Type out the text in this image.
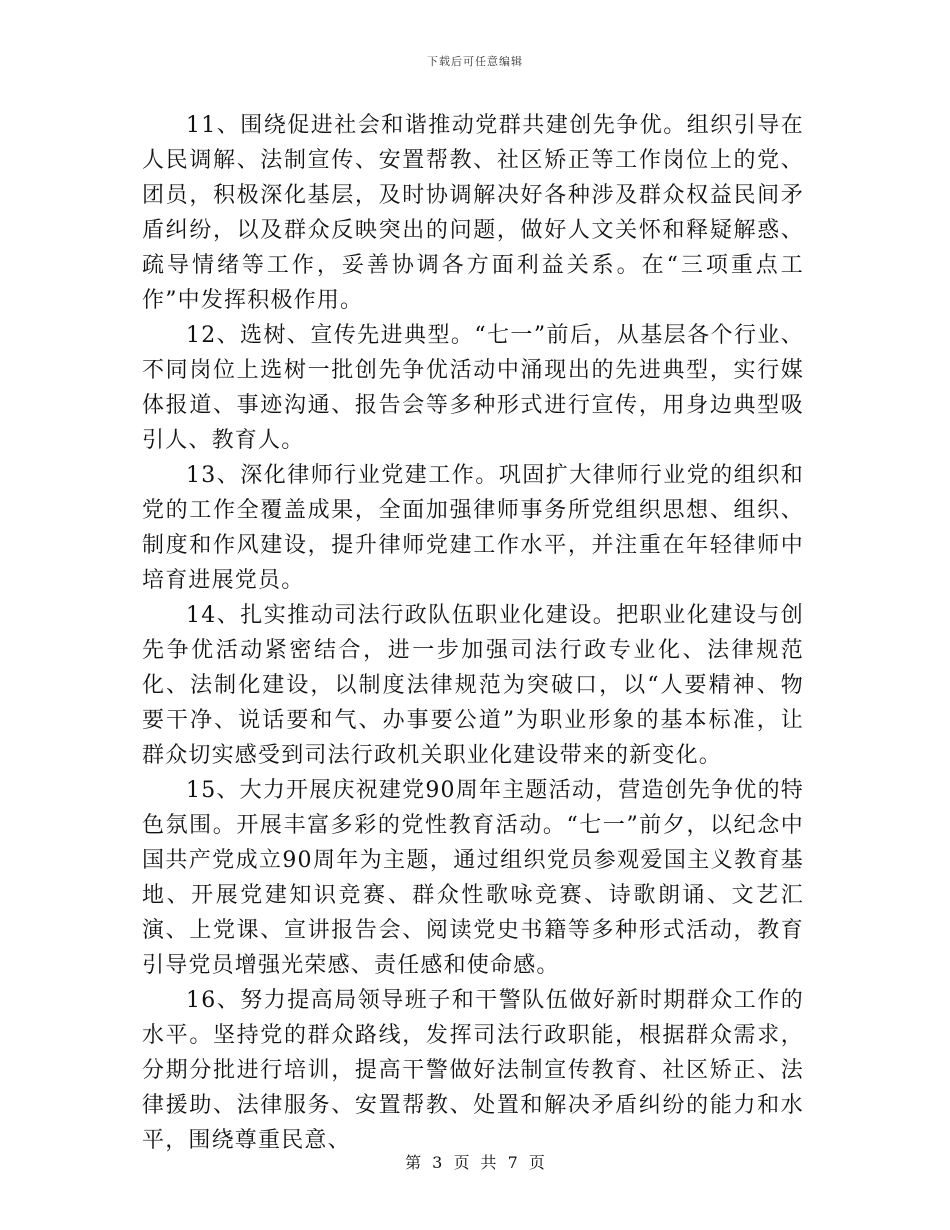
下载后可任意编辑

11、围绕促进社会和谐推动党群共建创先争优。组织引导在人民调解、法制宣传、安置帮教、社区矫正等工作岗位上的党、团员，积极深化基层，及时协调解决好各种涉及群众权益民间矛盾纠纷，以及群众反映突出的问题，做好人文关怀和释疑解惑、疏导情绪等工作，妥善协调各方面利益关系。在“三项重点工作”中发挥积极作用。

12、选树、宣传先进典型。“七一”前后，从基层各个行业、不同岗位上选树一批创先争优活动中涌现出的先进典型，实行媒体报道、事迹沟通、报告会等多种形式进行宣传，用身边典型吸引人、教育人。

13、深化律师行业党建工作。巩固扩大律师行业党的组织和党的工作全覆盖成果，全面加强律师事务所党组织思想、组织、制度和作风建设，提升律师党建工作水平，并注重在年轻律师中培育进展党员。

14、扎实推动司法行政队伍职业化建设。把职业化建设与创先争优活动紧密结合，进一步加强司法行政专业化、法律规范化、法制化建设，以制度法律规范为突破口，以“人要精神、物要干净、说话要和气、办事要公道”为职业形象的基本标准，让群众切实感受到司法行政机关职业化建设带来的新变化。

15、大力开展庆祝建党90周年主题活动，营造创先争优的特色氛围。开展丰富多彩的党性教育活动。“七一”前夕，以纪念中国共产党成立90周年为主题，通过组织党员参观爱国主义教育基地、开展党建知识竞赛、群众性歌咏竞赛、诗歌朗诵、文艺汇演、上党课、宣讲报告会、阅读党史书籍等多种形式活动，教育引导党员增强光荣感、责任感和使命感。

16、努力提高局领导班子和干警队伍做好新时期群众工作的水平。坚持党的群众路线，发挥司法行政职能，根据群众需求，分期分批进行培训，提高干警做好法制宣传教育、社区矫正、法律援助、法律服务、安置帮教、处置和解决矛盾纠纷的能力和水平，围绕尊重民意、

第 3 页 共 7 页
